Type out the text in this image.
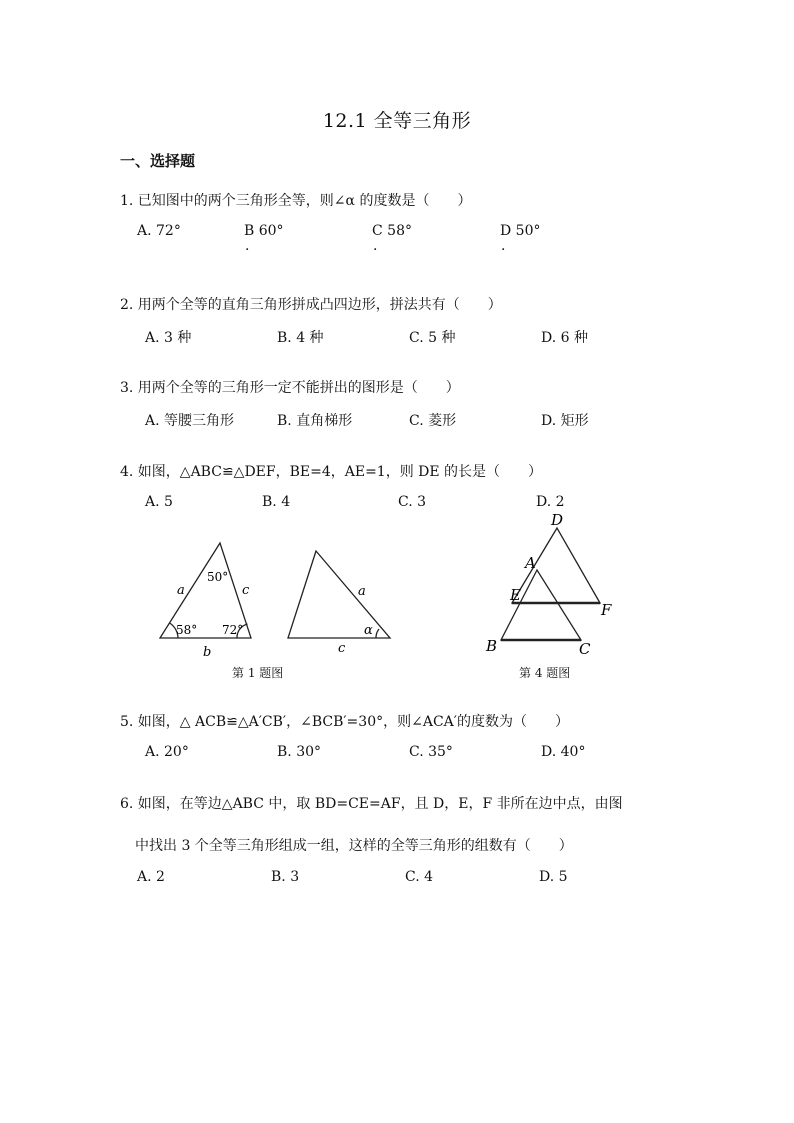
12.1 全等三角形
一、选择题
1. 已知图中的两个三角形全等，则∠α 的度数是（　　）
A. 72°	B 60°	C 58°	D 50°
·	·	·
2. 用两个全等的直角三角形拼成凸四边形，拼法共有（　　）
A. 3 种	B. 4 种	C. 5 种	D. 6 种
3. 用两个全等的三角形一定不能拼出的图形是（　　）
A. 等腰三角形	B. 直角梯形	C. 菱形	D. 矩形
4. 如图，△ABC≌△DEF，BE=4，AE=1，则 DE 的长是（　　）
A. 5	B. 4	C. 3	D. 2
a
b
c
50°
58° 72°
a
c
α
第 1 题图
D
A
E
F
B	C
第 4 题图
5. 如图，△ ACB≌△A′CB′，∠BCB′=30°，则∠ACA′的度数为（　　）
A. 20°	B. 30°	C. 35°	D. 40°
6. 如图，在等边△ABC 中，取 BD=CE=AF，且 D，E，F 非所在边中点，由图
中找出 3 个全等三角形组成一组，这样的全等三角形的组数有（　　）
A. 2	B. 3	C. 4	D. 5
